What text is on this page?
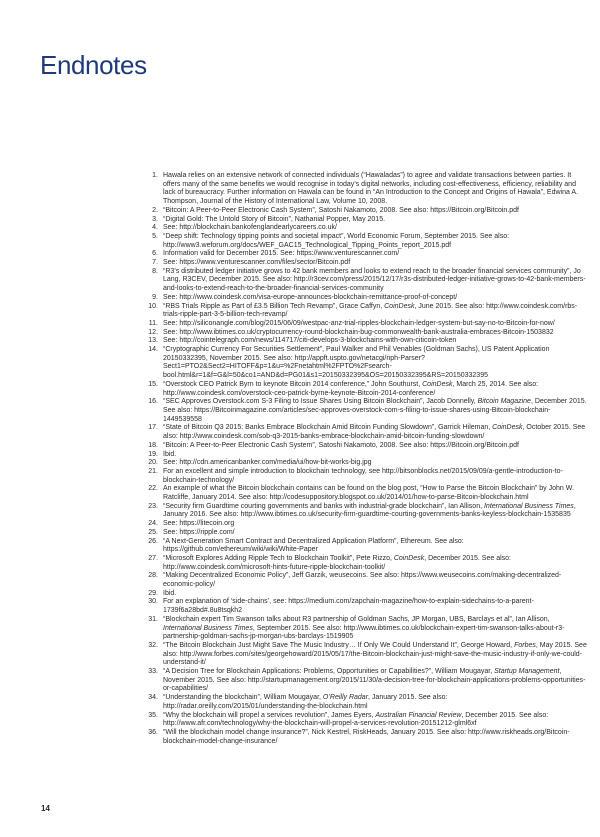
Endnotes
1. Hawala relies on an extensive network of connected individuals (“Hawaladas”) to agree and validate transactions between parties. It offers many of the same benefits we would recognise in today’s digital networks, including cost-effectiveness, efficiency, reliability and lack of bureaucracy. Further information on Hawala can be found in “An Introduction to the Concept and Origins of Hawala”, Edwina A. Thompson, Journal of the History of International Law, Volume 10, 2008.
2. “Bitcoin: A Peer-to-Peer Electronic Cash System”, Satoshi Nakamoto, 2008. See also: https://Bitcoin.org/Bitcoin.pdf
3. “Digital Gold: The Untold Story of Bitcoin”, Nathanial Popper, May 2015.
4. See: http://blockchain.bankofenglandearlycareers.co.uk/
5. “Deep shift: Technology tipping points and societal impact”, World Economic Forum, September 2015. See also: http://www3.weforum.org/docs/WEF_GAC15_Technological_Tipping_Points_report_2015.pdf
6. Information valid for December 2015. See: https://www.venturescanner.com/
7. See: https://www.venturescanner.com/files/sector/Bitcoin.pdf
8. “R3’s distributed ledger initiative grows to 42 bank members and looks to extend reach to the broader financial services community”, Jo Lang, R3CEV, December 2015. See also: http://r3cev.com/press/2015/12/17/r3s-distributed-ledger-initiative-grows-to-42-bank-members-and-looks-to-extend-reach-to-the-broader-financial-services-community
9. See: http://www.coindesk.com/visa-europe-announces-blockchain-remittance-proof-of-concept/
10. “RBS Trials Ripple as Part of £3.5 Billion Tech Revamp”, Grace Caffyn, CoinDesk, June 2015. See also: http://www.coindesk.com/rbs-trials-ripple-part-3-5-billion-tech-revamp/
11. See: http://siliconangle.com/blog/2015/06/09/westpac-anz-trial-ripples-blockchain-ledger-system-but-say-no-to-Bitcoin-for-now/
12. See: http://www.ibtimes.co.uk/cryptocurrency-round-blockchain-bug-commonwealth-bank-australia-embraces-Bitcoin-1503832
13. See: http://cointelegraph.com/news/114717/citi-develops-3-blockchains-with-own-citicoin-token
14. “Cryptographic Currency For Securities Settlement”, Paul Walker and Phil Venables (Goldman Sachs), US Patent Application 20150332395, November 2015. See also: http://appft.uspto.gov/netacgi/nph-Parser?Sect1=PTO2&Sect2=HITOFF&p=1&u=%2Fnetahtml%2FPTO%2Fsearch-bool.html&r=1&f=G&l=50&co1=AND&d=PG01&s1=20150332395&OS=20150332395&RS=20150332395
15. “Overstock CEO Patrick Byrn to keynote Bitcoin 2014 conference,” John Southurst, CoinDesk, March 25, 2014. See also: http://www.coindesk.com/overstock-ceo-patrick-byrne-keynote-Bitcoin-2014-conference/
16. “SEC Approves Overstock.com S-3 Filing to Issue Shares Using Bitcoin Blockchain”, Jacob Donnelly, Bitcoin Magazine, December 2015. See also: https://Bitcoinmagazine.com/articles/sec-approves-overstock-com-s-filing-to-issue-shares-using-Bitcoin-blockchain-1449539558
17. “State of Bitcoin Q3 2015: Banks Embrace Blockchain Amid Bitcoin Funding Slowdown”, Garrick Hileman, CoinDesk, October 2015. See also: http://www.coindesk.com/sob-q3-2015-banks-embrace-blockchain-amid-bitcoin-funding-slowdown/
18. “Bitcoin: A Peer-to-Peer Electronic Cash System”, Satoshi Nakamoto, 2008. See also: https://Bitcoin.org/Bitcoin.pdf
19. Ibid.
20. See: http://cdn.americanbanker.com/media/ui/how-bit-works-big.jpg
21. For an excellent and simple introduction to blockchain technology, see http://bitsonblocks.net/2015/09/09/a-gentle-introduction-to-blockchain-technology/
22. An example of what the Bitcoin blockchain contains can be found on the blog post, “How to Parse the Bitcoin Blockchain” by John W. Ratcliffe, January 2014. See also: http://codesuppository.blogspot.co.uk/2014/01/how-to-parse-Bitcoin-blockchain.html
23. “Security firm Guardtime courting governments and banks with industrial-grade blockchain”, Ian Allison, International Business Times, January 2016. See also: http://www.ibtimes.co.uk/security-firm-guardtime-courting-governments-banks-keyless-blockchain-1535835
24. See: https://litecoin.org
25. See: https://ripple.com/
26. “A Next-Generation Smart Contract and Decentralized Application Platform”, Ethereum. See also: https://github.com/ethereum/wiki/wiki/White-Paper
27. “Microsoft Explores Adding Ripple Tech to Blockchain Toolkit”, Pete Rizzo, CoinDesk, December 2015. See also: http://www.coindesk.com/microsoft-hints-future-ripple-blockchain-toolkit/
28. “Making Decentralized Economic Policy”, Jeff Garzik, weusecoins. See also: https://www.weusecoins.com/making-decentralized-economic-policy/
29. Ibid.
30. For an explanation of ‘side-chains’, see: https://medium.com/zapchain-magazine/how-to-explain-sidechains-to-a-parent-1739f6a28bd#.8u8tsqkh2
31. “Blockchain expert Tim Swanson talks about R3 partnership of Goldman Sachs, JP Morgan, UBS, Barclays et al”, Ian Allison, International Business Times, September 2015. See also: http://www.ibtimes.co.uk/blockchain-expert-tim-swanson-talks-about-r3-partnership-goldman-sachs-jp-morgan-ubs-barclays-1519905
32. “The Bitcoin Blockchain Just Might Save The Music Industry… If Only We Could Understand It”, George Howard, Forbes, May 2015. See also: http://www.forbes.com/sites/georgehoward/2015/05/17/the-Bitcoin-blockchain-just-might-save-the-music-industry-if-only-we-could-understand-it/
33. “A Decision Tree for Blockchain Applications: Problems, Opportunities or Capabilities?”, William Mougayar, Startup Management, November 2015. See also: http://startupmanagement.org/2015/11/30/a-decision-tree-for-blockchain-applications-problems-opportunities-or-capabilities/
34. “Understanding the blockchain”, William Mougayar, O’Reilly Radar, January 2015. See also: http://radar.oreilly.com/2015/01/understanding-the-blockchain.html
35. “Why the blockchain will propel a services revolution”, James Eyers, Australian Financial Review, December 2015. See also: http://www.afr.com/technology/why-the-blockchain-will-propel-a-services-revolution-20151212-glml6xf
36. “Will the blockchain model change insurance?”, Nick Kestrel, RiskHeads, January 2015. See also: http://www.riskheads.org/Bitcoin-blockchain-model-change-insurance/
14
